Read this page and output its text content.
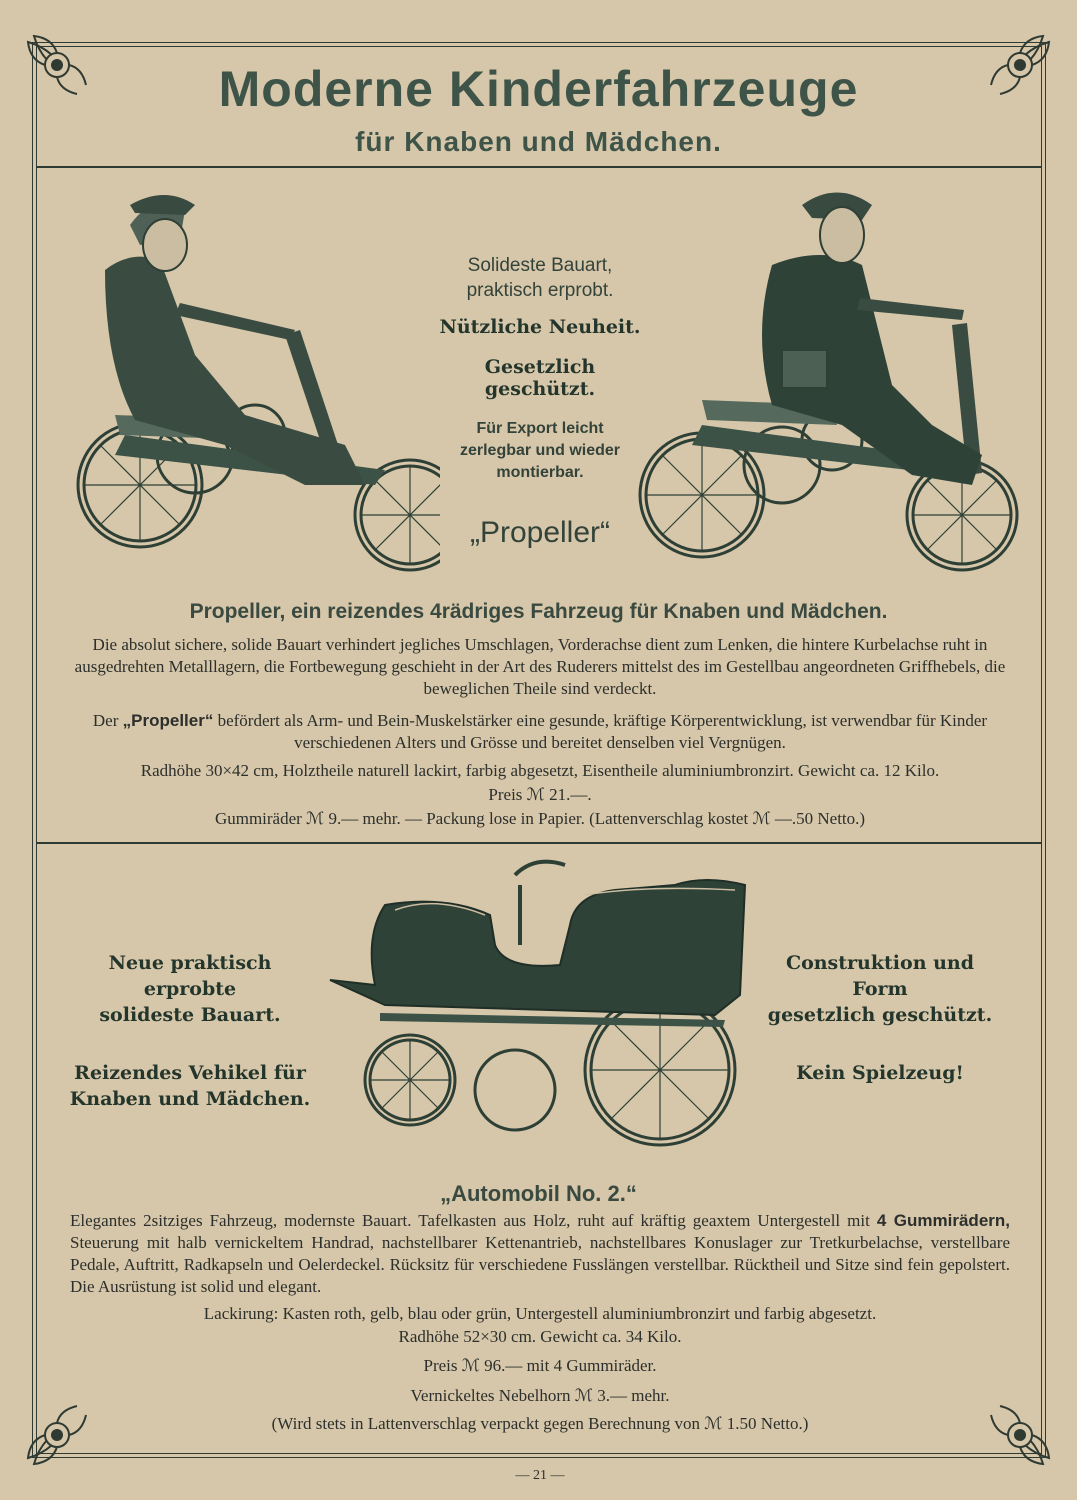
Moderne Kinderfahrzeuge
für Knaben und Mädchen.
Solideste Bauart,
praktisch erprobt.
Nützliche Neuheit.
Gesetzlich geschützt.
Für Export leicht
zerlegbar und wieder
montierbar.
„Propeller“
Propeller, ein reizendes 4rädriges Fahrzeug für Knaben und Mädchen.
Die absolut sichere, solide Bauart verhindert jegliches Umschlagen, Vorderachse dient zum Lenken, die hintere Kurbelachse ruht in ausgedrehten Metalllagern, die Fortbewegung geschieht in der Art des Ruderers mittelst des im Gestellbau angeordneten Griffhebels, die beweglichen Theile sind verdeckt.
Der „Propeller“ befördert als Arm- und Bein-Muskelstärker eine gesunde, kräftige Körperentwicklung, ist verwendbar für Kinder verschiedenen Alters und Grösse und bereitet denselben viel Vergnügen.
Radhöhe 30×42 cm, Holztheile naturell lackirt, farbig abgesetzt, Eisentheile aluminiumbronzirt. Gewicht ca. 12 Kilo.
Preis ℳ 21.—.
Gummiräder ℳ 9.— mehr. — Packung lose in Papier. (Lattenverschlag kostet ℳ —.50 Netto.)
Neue praktisch erprobte
solideste Bauart.
Reizendes Vehikel für
Knaben und Mädchen.
Construktion und Form
gesetzlich geschützt.
Kein Spielzeug!
„Automobil No. 2.“
Elegantes 2sitziges Fahrzeug, modernste Bauart. Tafelkasten aus Holz, ruht auf kräftig geaxtem Untergestell mit 4 Gummirädern, Steuerung mit halb vernickeltem Handrad, nachstellbarer Kettenantrieb, nachstellbares Konuslager zur Tretkurbelachse, verstellbare Pedale, Auftritt, Radkapseln und Oelerdeckel. Rücksitz für verschiedene Fusslängen verstellbar. Rücktheil und Sitze sind fein gepolstert. Die Ausrüstung ist solid und elegant.
Lackirung: Kasten roth, gelb, blau oder grün, Untergestell aluminiumbronzirt und farbig abgesetzt.
Radhöhe 52×30 cm. Gewicht ca. 34 Kilo.
Preis ℳ 96.— mit 4 Gummiräder.
Vernickeltes Nebelhorn ℳ 3.— mehr.
(Wird stets in Lattenverschlag verpackt gegen Berechnung von ℳ 1.50 Netto.)
— 21 —
